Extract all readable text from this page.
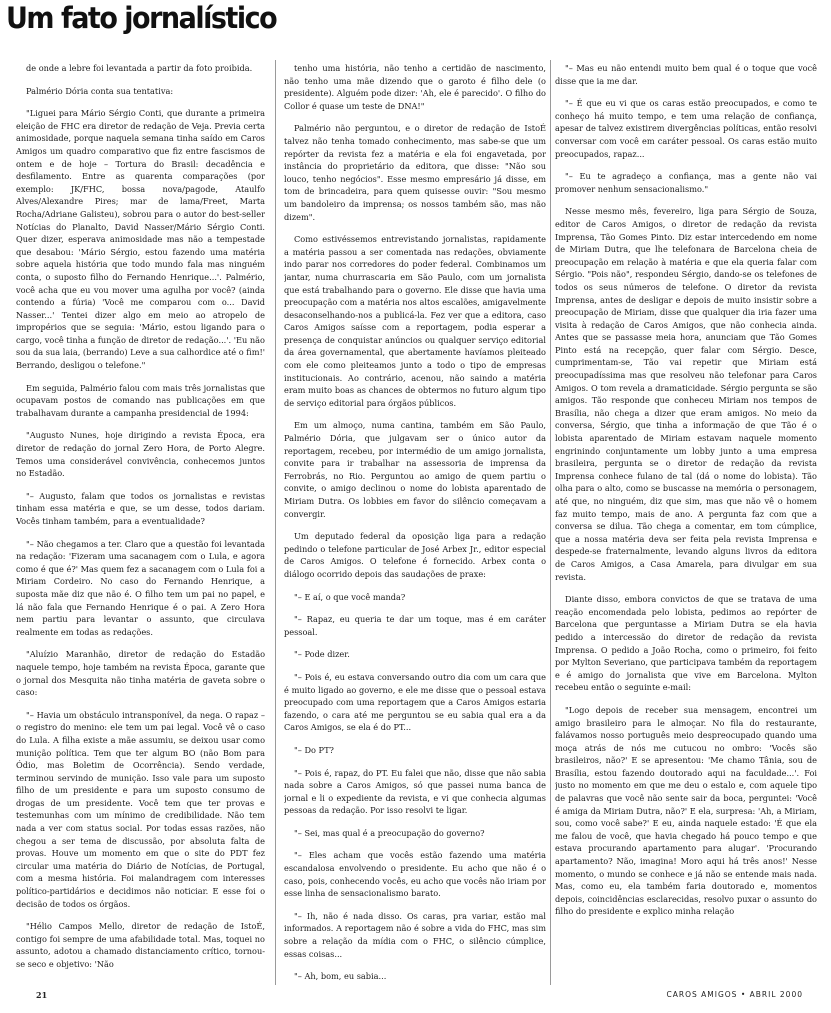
Um fato jornalístico

de onde a lebre foi levantada a partir da foto proibida.

Palmério Dória conta sua tentativa:

"Liguei para Mário Sérgio Conti, que durante a primeira eleição de FHC era diretor de redação de Veja. Previa certa animosidade, porque naquela semana tinha saído em Caros Amigos um quadro comparativo que fiz entre fascismos de ontem e de hoje – Tortura do Brasil: decadência e desfilamento. Entre as quarenta comparações (por exemplo: JK/FHC, bossa nova/pagode, Ataulfo Alves/Alexandre Pires; mar de lama/Freet, Marta Rocha/Adriane Galisteu), sobrou para o autor do best-seller Notícias do Planalto, David Nasser/Mário Sérgio Conti. Quer dizer, esperava animosidade mas não a tempestade que desabou: 'Mário Sérgio, estou fazendo uma matéria sobre aquela história que todo mundo fala mas ninguém conta, o suposto filho do Fernando Henrique...'. Palmério, você acha que eu vou mover uma agulha por você? (ainda contendo a fúria) 'Você me comparou com o... David Nasser...' Tentei dizer algo em meio ao atropelo de impropérios que se seguia: 'Mário, estou ligando para o cargo, você tinha a função de diretor de redação...'. 'Eu não sou da sua laia, (berrando) Leve a sua calhordice até o fim!' Berrando, desligou o telefone."

Em seguida, Palmério falou com mais três jornalistas que ocupavam postos de comando nas publicações em que trabalhavam durante a campanha presidencial de 1994:

"Augusto Nunes, hoje dirigindo a revista Época, era diretor de redação do jornal Zero Hora, de Porto Alegre. Temos uma considerável convivência, conhecemos juntos no Estadão.

"– Augusto, falam que todos os jornalistas e revistas tinham essa matéria e que, se um desse, todos dariam. Vocês tinham também, para a eventualidade?

"– Não chegamos a ter. Claro que a questão foi levantada na redação: 'Fizeram uma sacanagem com o Lula, e agora como é que é?' Mas quem fez a sacanagem com o Lula foi a Miriam Cordeiro. No caso do Fernando Henrique, a suposta mãe diz que não é. O filho tem um pai no papel, e lá não fala que Fernando Henrique é o pai. A Zero Hora nem partiu para levantar o assunto, que circulava realmente em todas as redações.

"Aluízio Maranhão, diretor de redação do Estadão naquele tempo, hoje também na revista Época, garante que o jornal dos Mesquita não tinha matéria de gaveta sobre o caso:

"– Havia um obstáculo intransponível, da nega. O rapaz – o registro do menino: ele tem um pai legal. Você vê o caso do Lula. A filha existe a mãe assumiu, se deixou usar como munição política. Tem que ter algum BO (não Bom para Ódio, mas Boletim de Ocorrência). Sendo verdade, terminou servindo de munição. Isso vale para um suposto filho de um presidente e para um suposto consumo de drogas de um presidente. Você tem que ter provas e testemunhas com um mínimo de credibilidade. Não tem nada a ver com status social. Por todas essas razões, não chegou a ser tema de discussão, por absoluta falta de provas. Houve um momento em que o site do PDT fez circular uma matéria do Diário de Notícias, de Portugal, com a mesma história. Foi malandragem com interesses político-partidários e decidimos não noticiar. E esse foi o decisão de todos os órgãos.

"Hélio Campos Mello, diretor de redação de IstoÉ, contigo foi sempre de uma afabilidade total. Mas, toquei no assunto, adotou a chamado distanciamento crítico, tornou-se seco e objetivo: 'Não

tenho uma história, não tenho a certidão de nascimento, não tenho uma mãe dizendo que o garoto é filho dele (o presidente). Alguém pode dizer: 'Ah, ele é parecido'. O filho do Collor é quase um teste de DNA!"

Palmério não perguntou, e o diretor de redação de IstoÉ talvez não tenha tomado conhecimento, mas sabe-se que um repórter da revista fez a matéria e ela foi engavetada, por instância do proprietário da editora, que disse: "Não sou louco, tenho negócios". Esse mesmo empresário já disse, em tom de brincadeira, para quem quisesse ouvir: "Sou mesmo um bandoleiro da imprensa; os nossos também são, mas não dizem".

Como estivéssemos entrevistando jornalistas, rapidamente a matéria passou a ser comentada nas redações, obviamente indo parar nos corredores do poder federal. Combinamos um jantar, numa churrascaria em São Paulo, com um jornalista que está trabalhando para o governo. Ele disse que havia uma preocupação com a matéria nos altos escalões, amigavelmente desaconselhando-nos a publicá-la. Fez ver que a editora, caso Caros Amigos saísse com a reportagem, podia esperar a presença de conquistar anúncios ou qualquer serviço editorial da área governamental, que abertamente havíamos pleiteado com ele como pleiteamos junto a todo o tipo de empresas institucionais. Ao contrário, acenou, não saindo a matéria eram muito boas as chances de obtermos no futuro algum tipo de serviço editorial para órgãos públicos.

Em um almoço, numa cantina, também em São Paulo, Palmério Dória, que julgavam ser o único autor da reportagem, recebeu, por intermédio de um amigo jornalista, convite para ir trabalhar na assessoria de imprensa da Ferrobrás, no Rio. Perguntou ao amigo de quem partiu o convite, o amigo declinou o nome do lobista aparentado de Miriam Dutra. Os lobbies em favor do silêncio começavam a convergir.

Um deputado federal da oposição liga para a redação pedindo o telefone particular de José Arbex Jr., editor especial de Caros Amigos. O telefone é fornecido. Arbex conta o diálogo ocorrido depois das saudações de praxe:

"– E aí, o que você manda?

"– Rapaz, eu queria te dar um toque, mas é em caráter pessoal.

"– Pode dizer.

"– Pois é, eu estava conversando outro dia com um cara que é muito ligado ao governo, e ele me disse que o pessoal estava preocupado com uma reportagem que a Caros Amigos estaria fazendo, o cara até me perguntou se eu sabia qual era a da Caros Amigos, se ela é do PT...

"– Do PT?

"– Pois é, rapaz, do PT. Eu falei que não, disse que não sabia nada sobre a Caros Amigos, só que passei numa banca de jornal e li o expediente da revista, e vi que conhecia algumas pessoas da redação. Por isso resolvi te ligar.

"– Sei, mas qual é a preocupação do governo?

"– Eles acham que vocês estão fazendo uma matéria escandalosa envolvendo o presidente. Eu acho que não é o caso, pois, conhecendo vocês, eu acho que vocês não iriam por esse linha de sensacionalismo barato.

"– Ih, não é nada disso. Os caras, pra variar, estão mal informados. A reportagem não é sobre a vida do FHC, mas sim sobre a relação da mídia com o FHC, o silêncio cúmplice, essas coisas...

"– Ah, bom, eu sabia...

"– Mas eu não entendi muito bem qual é o toque que você disse que ia me dar.

"– É que eu vi que os caras estão preocupados, e como te conheço há muito tempo, e tem uma relação de confiança, apesar de talvez existirem divergências políticas, então resolvi conversar com você em caráter pessoal. Os caras estão muito preocupados, rapaz...

"– Eu te agradeço a confiança, mas a gente não vai promover nenhum sensacionalismo."

Nesse mesmo mês, fevereiro, liga para Sérgio de Souza, editor de Caros Amigos, o diretor de redação da revista Imprensa, Tão Gomes Pinto. Diz estar intercedendo em nome de Miriam Dutra, que lhe telefonara de Barcelona cheia de preocupação em relação à matéria e que ela queria falar com Sérgio. "Pois não", respondeu Sérgio, dando-se os telefones de todos os seus números de telefone. O diretor da revista Imprensa, antes de desligar e depois de muito insistir sobre a preocupação de Miriam, disse que qualquer dia iria fazer uma visita à redação de Caros Amigos, que não conhecia ainda. Antes que se passasse meia hora, anunciam que Tão Gomes Pinto está na recepção, quer falar com Sérgio. Desce, cumprimentam-se, Tão vai repetir que Miriam está preocupadíssima mas que resolveu não telefonar para Caros Amigos. O tom revela a dramaticidade. Sérgio pergunta se são amigos. Tão responde que conheceu Miriam nos tempos de Brasília, não chega a dizer que eram amigos. No meio da conversa, Sérgio, que tinha a informação de que Tão é o lobista aparentado de Miriam estavam naquele momento engrinindo conjuntamente um lobby junto a uma empresa brasileira, pergunta se o diretor de redação da revista Imprensa conhece fulano de tal (dá o nome do lobista). Tão olha para o alto, como se buscasse na memória o personagem, até que, no ninguém, diz que sim, mas que não vê o homem faz muito tempo, mais de ano. A pergunta faz com que a conversa se dilua. Tão chega a comentar, em tom cúmplice, que a nossa matéria deva ser feita pela revista Imprensa e despede-se fraternalmente, levando alguns livros da editora de Caros Amigos, a Casa Amarela, para divulgar em sua revista.

Diante disso, embora convictos de que se tratava de uma reação encomendada pelo lobista, pedimos ao repórter de Barcelona que perguntasse a Miriam Dutra se ela havia pedido a intercessão do diretor de redação da revista Imprensa. O pedido a João Rocha, como o primeiro, foi feito por Mylton Severiano, que participava também da reportagem e é amigo do jornalista que vive em Barcelona. Mylton recebeu então o seguinte e-mail:

"Logo depois de receber sua mensagem, encontrei um amigo brasileiro para le almoçar. No fila do restaurante, falávamos nosso português meio despreocupado quando uma moça atrás de nós me cutucou no ombro: 'Vocês são brasileiros, não?' E se apresentou: 'Me chamo Tânia, sou de Brasília, estou fazendo doutorado aqui na faculdade...'. Foi justo no momento em que me deu o estalo e, com aquele tipo de palavras que você não sente sair da boca, perguntei: 'Você é amiga da Miriam Dutra, não?' E ela, surpresa: 'Ah, a Miriam, sou, como você sabe?' E eu, ainda naquele estado: 'É que ela me falou de você, que havia chegado há pouco tempo e que estava procurando apartamento para alugar'. 'Procurando apartamento? Não, imagina! Moro aqui há três anos!' Nesse momento, o mundo se conhece e já não se entende mais nada. Mas, como eu, ela também faria doutorado e, momentos depois, coincidências esclarecidas, resolvo puxar o assunto do filho do presidente e explico minha relação

21	CAROS AMIGOS • ABRIL 2000
